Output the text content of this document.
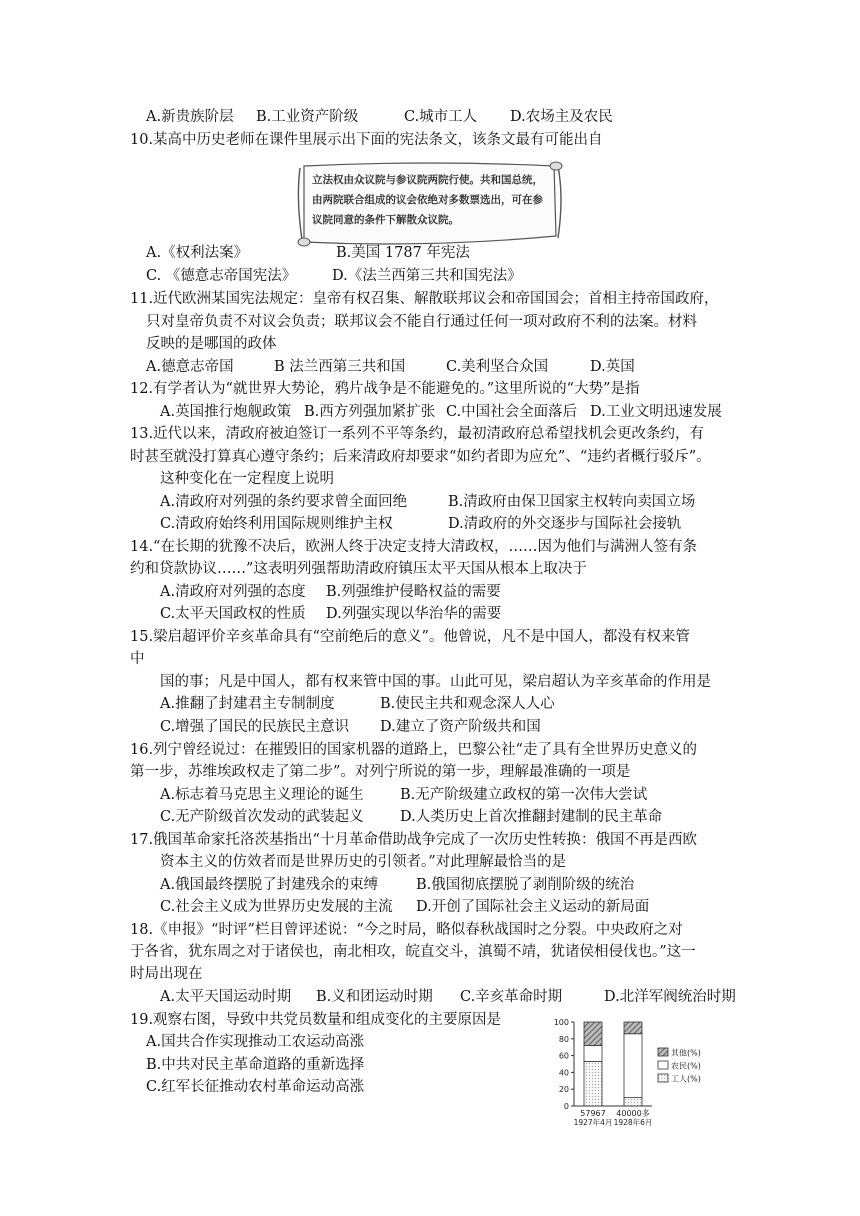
A.新贵族阶层 B.工业资产阶级	C.城市工人 D.农场主及农民
10.某高中历史老师在课件里展示出下面的宪法条文，该条文最有可能出自
立法权由众议院与参议院两院行使。共和国总统，由两院联合组成的议会依绝对多数票选出，可在参议院同意的条件下解散众议院。
A.《权利法案》	B.美国 1787 年宪法
C. 《德意志帝国宪法》 D.《法兰西第三共和国宪法》
11.近代欧洲某国宪法规定：皇帝有权召集、解散联邦议会和帝国国会；首相主持帝国政府，
只对皇帝负责不对议会负责；联邦议会不能自行通过任何一项对政府不利的法案。材料
反映的是哪国的政体
A.德意志帝国	B 法兰西第三共和国	C.美利坚合众国	D.英国
12.有学者认为“就世界大势论，鸦片战争是不能避免的。”这里所说的“大势”是指
A.英国推行炮舰政策 B.西方列强加紧扩张 C.中国社会全面落后 D.工业文明迅速发展
13.近代以来，清政府被迫签订一系列不平等条约，最初清政府总希望找机会更改条约，有
时甚至就没打算真心遵守条约；后来清政府却要求“如约者即为应允”、“违约者概行驳斥”。
这种变化在一定程度上说明
A.清政府对列强的条约要求曾全面回绝	B.清政府由保卫国家主权转向卖国立场
C.清政府始终利用国际规则维护主权	D.清政府的外交逐步与国际社会接轨
14.“在长期的犹豫不决后，欧洲人终于决定支持大清政权，……因为他们与满洲人签有条
约和贷款协议……”这表明列强帮助清政府镇压太平天国从根本上取决于
A.清政府对列强的态度 B.列强维护侵略权益的需要
C.太平天国政权的性质 D.列强实现以华治华的需要
15.梁启超评价辛亥革命具有“空前绝后的意义”。他曾说，凡不是中国人，都没有权来管
中
国的事；凡是中国人，都有权来管中国的事。山此可见，梁启超认为辛亥革命的作用是
A.推翻了封建君主专制制度	B.使民主共和观念深人人心
C.增强了国民的民族民主意识 D.建立了资产阶级共和国
16.列宁曾经说过：在摧毁旧的国家机器的道路上，巴黎公社“走了具有全世界历史意义的
第一步，苏维埃政权走了第二步”。对列宁所说的第一步，理解最准确的一项是
A.标志着马克思主义理论的诞生	B.无产阶级建立政权的第一次伟大尝试
C.无产阶级首次发动的武装起义	D.人类历史上首次推翻封建制的民主革命
17.俄国革命家托洛茨基指出“十月革命借助战争完成了一次历史性转换：俄国不再是西欧
资本主义的仿效者而是世界历史的引领者。”对此理解最恰当的是
A.俄国最终摆脱了封建残余的束缚	B.俄国彻底摆脱了剥削阶级的统治
C.社会主义成为世界历史发展的主流 D.开创了国际社会主义运动的新局面
18.《申报》“时评”栏目曾评述说：“今之时局，略似春秋战国时之分裂。中央政府之对
于各省，犹东周之对于诸侯也，南北相攻，皖直交斗，滇蜀不靖，犹诸侯相侵伐也。”这一
时局出现在
A.太平天国运动时期 B.义和团运动时期 C.辛亥革命时期	D.北洋军阀统治时期
19.观察右图，导致中共党员数量和组成变化的主要原因是
A.国共合作实现推动工农运动高涨
B.中共对民主革命道路的重新选择
C.红军长征推动农村革命运动高涨
0
20
40
60
80
100
57967
1927年4月
40000多
1928年6月
其他(%)
农民(%)
工人(%)
